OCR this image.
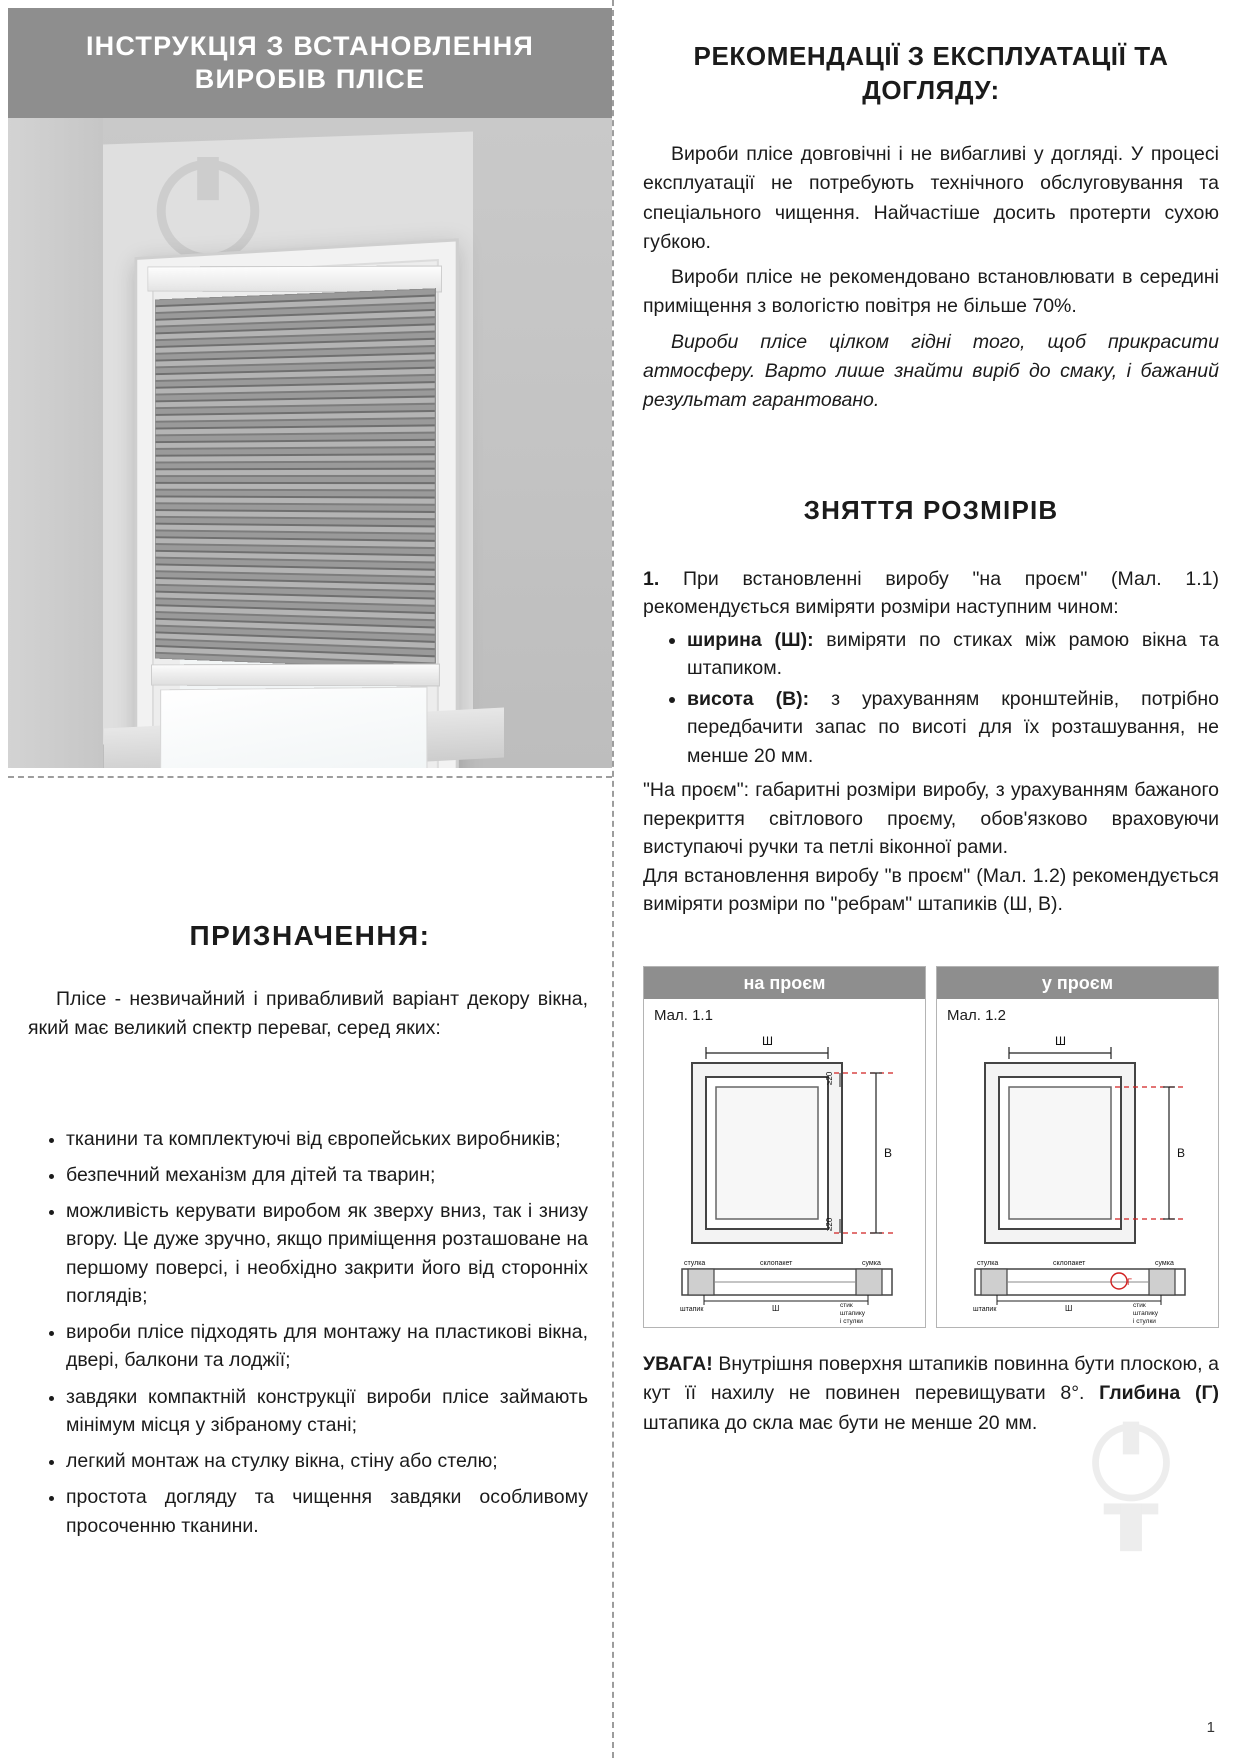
ІНСТРУКЦІЯ З ВСТАНОВЛЕННЯ
ВИРОБІВ ПЛІСЕ
ПРИЗНАЧЕННЯ:

Пліcе - незвичайний і привабливий варіант декору вікна, який має великий спектр переваг, серед яких:

• тканини та комплектуючі від європейських виробників;
• безпечний механізм для дітей та тварин;
• можливість керувати виробом як зверху вниз, так і знизу вгору. Це дуже зручно, якщо приміщення розташоване на першому поверсі, і необхідно закрити його від сторонніх поглядів;
• вироби пліcе підходять для монтажу на пластикові вікна, двері, балкони та лоджії;
• завдяки компактній конструкції вироби пліcе займають мінімум місця у зібраному стані;
• легкий монтаж на стулку вікна, стіну або стелю;
• простота догляду та чищення завдяки особливому просоченню тканини.
РЕКОМЕНДАЦІЇ З ЕКСПЛУАТАЦІЇ ТА ДОГЛЯДУ:

Вироби пліcе довговічні і не вибагливі у догляді. У процесі експлуатації не потребують технічного обслуговування та спеціального чищення. Найчастіше досить протерти сухою губкою.

Вироби пліcе не рекомендовано встановлювати в середині приміщення з вологістю повітря не більше 70%.

Вироби пліcе цілком гідні того, щоб прикрасити атмосферу. Варто лише знайти виріб до смаку, і бажаний результат гарантовано.

ЗНЯТТЯ РОЗМІРІВ

1. При встановленні виробу "на проєм" (Мал. 1.1) рекомендується виміряти розміри наступним чином:

• ширина (Ш): виміряти по стиках між рамою вікна та штапиком.
• висота (В): з урахуванням кронштейнів, потрібно передбачити запас по висоті для їх розташування, не менше 20 мм.

"На проєм": габаритні розміри виробу, з урахуванням бажаного перекриття світлового проєму, обов'язково враховуючи виступаючі ручки та петлі віконної рами.

Для встановлення виробу "в проєм" (Мал. 1.2) рекомендується виміряти розміри по "ребрам" штапиків (Ш, В).

на проєм
Мал. 1.1
Ш
В
≥20
≥20
стулка	склопакет	сумка
штапик	Ш	стик
штапику
і стулки
у проєм
Мал. 1.2
Ш
В
стулка	склопакет	сумка
штапик	Ш	стик
штапику
і стулки
Г
УВАГА! Внутрішня поверхня штапиків повинна бути плоскою, а кут її нахилу не повинен перевищувати 8°. Глибина (Г) штапика до скла має бути не менше 20 мм.
1
